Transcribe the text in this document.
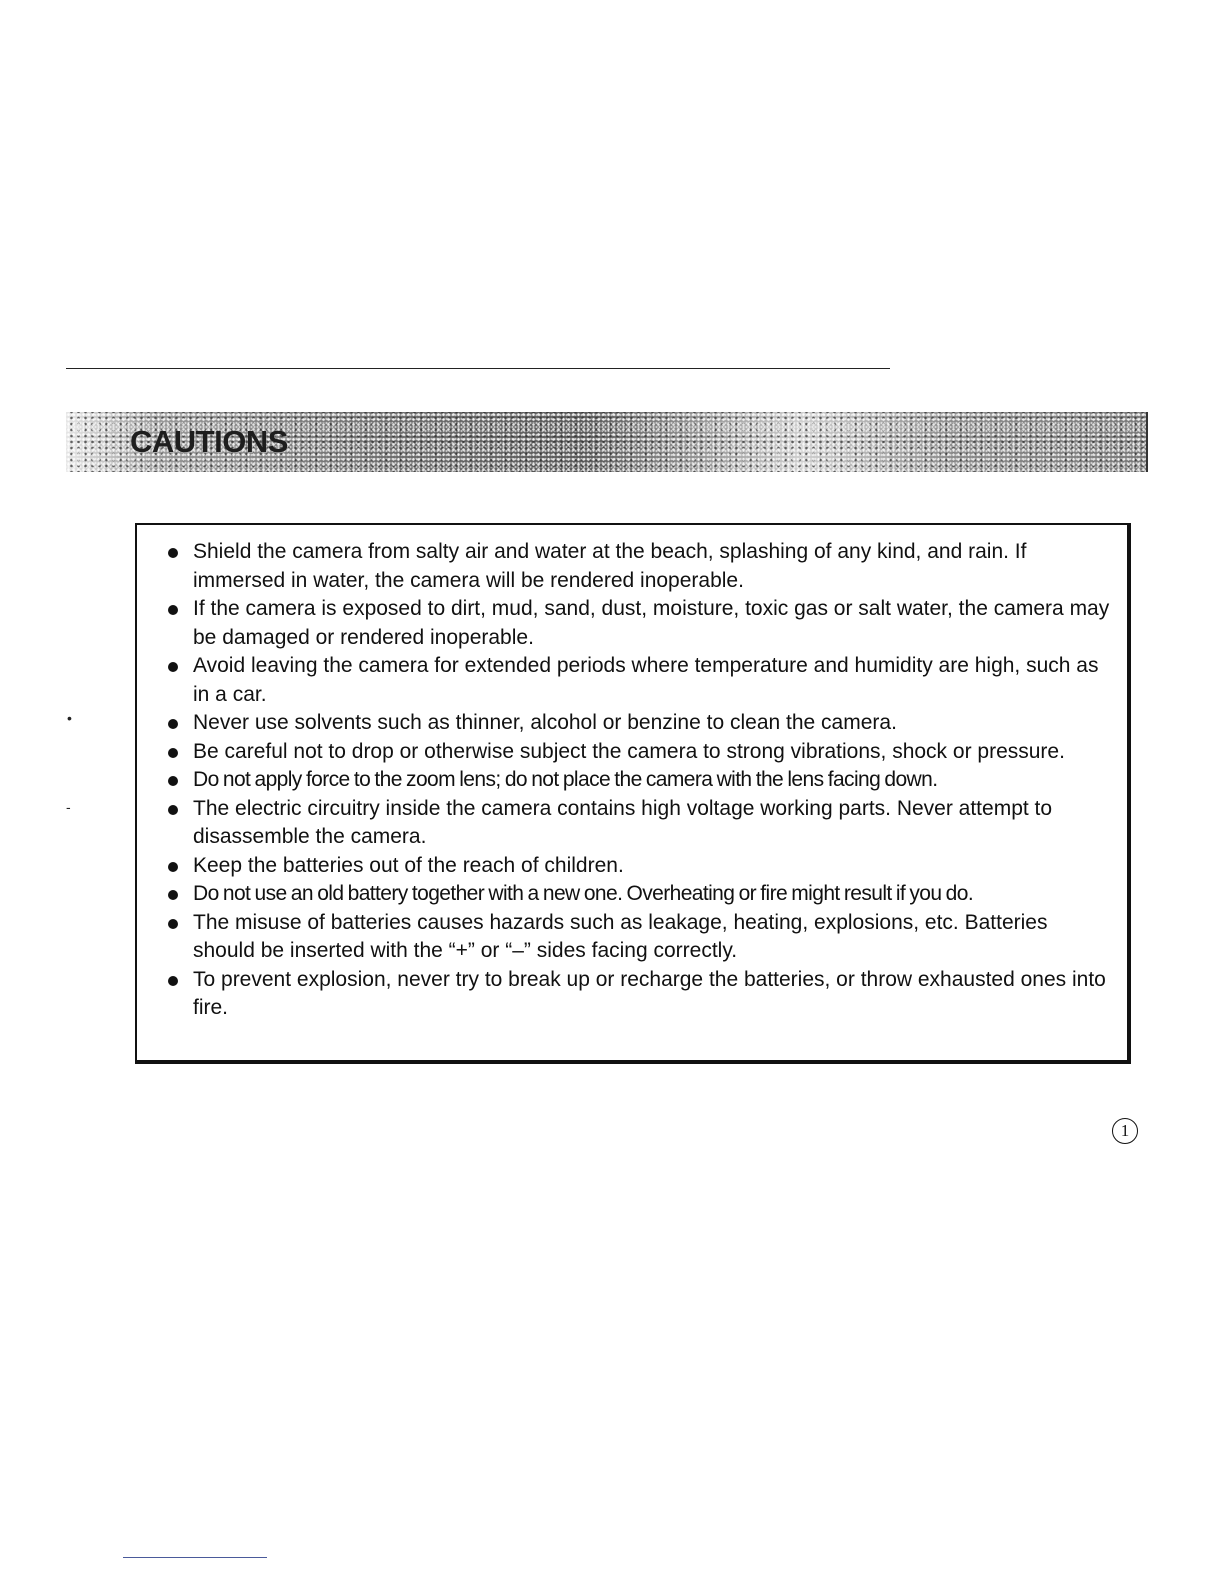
CAUTIONS
•
-
Shield the camera from salty air and water at the beach, splashing of any kind, and rain. If immersed in water, the camera will be rendered inoperable.
If the camera is exposed to dirt, mud, sand, dust, moisture, toxic gas or salt water, the camera may be damaged or rendered inoperable.
Avoid leaving the camera for extended periods where temperature and humidity are high, such as in a car.
Never use solvents such as thinner, alcohol or benzine to clean the camera.
Be careful not to drop or otherwise subject the camera to strong vibrations, shock or pressure.
Do not apply force to the zoom lens; do not place the camera with the lens facing down.
The electric circuitry inside the camera contains high voltage working parts. Never attempt to disassemble the camera.
Keep the batteries out of the reach of children.
Do not use an old battery together with a new one. Overheating or fire might result if you do.
The misuse of batteries causes hazards such as leakage, heating, explosions, etc. Batteries should be inserted with the “+” or “–” sides facing correctly.
To prevent explosion, never try to break up or recharge the batteries, or throw exhausted ones into fire.
1
